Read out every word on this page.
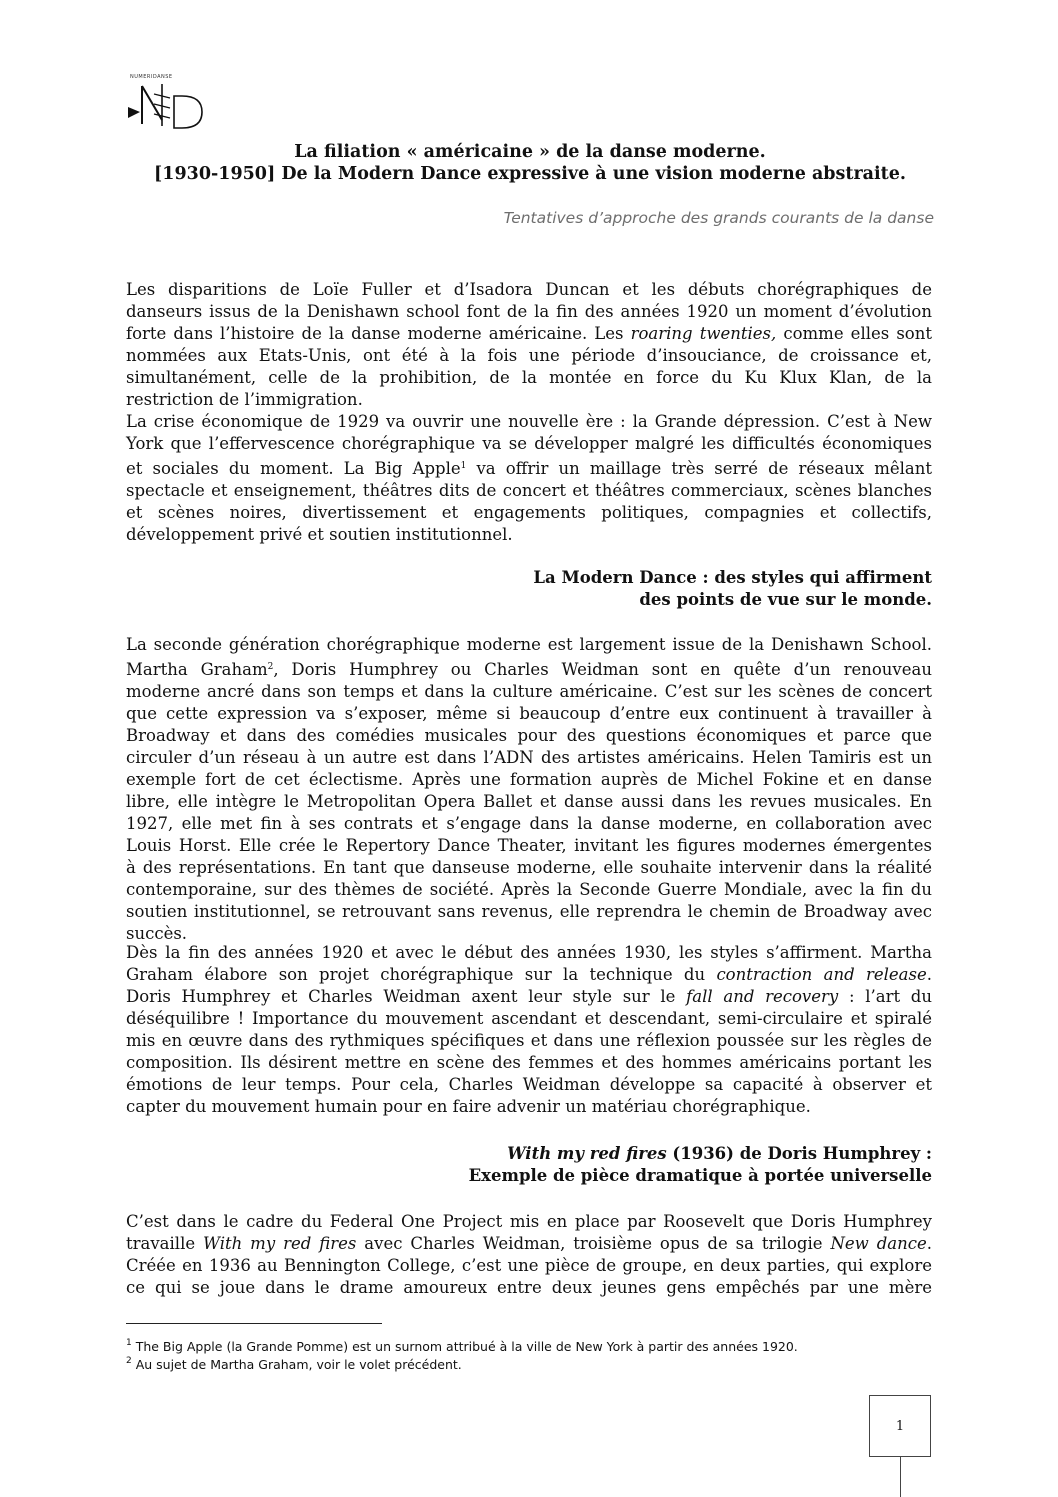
NUMERIDANSE
La filiation « américaine » de la danse moderne.
[1930-1950] De la Modern Dance expressive à une vision moderne abstraite.
Tentatives d’approche des grands courants de la danse
Les disparitions de Loïe Fuller et d’Isadora Duncan et les débuts chorégraphiques de
danseurs issus de la Denishawn school font de la fin des années 1920 un moment d’évolution
forte dans l’histoire de la danse moderne américaine. Les roaring twenties, comme elles sont
nommées aux Etats-Unis, ont été à la fois une période d’insouciance, de croissance et,
simultanément, celle de la prohibition, de la montée en force du Ku Klux Klan, de la
restriction de l’immigration.
La crise économique de 1929 va ouvrir une nouvelle ère : la Grande dépression. C’est à New
York que l’effervescence chorégraphique va se développer malgré les difficultés économiques
et sociales du moment. La Big Apple$^1$ va offrir un maillage très serré de réseaux mêlant
spectacle et enseignement, théâtres dits de concert et théâtres commerciaux, scènes blanches
et scènes noires, divertissement et engagements politiques, compagnies et collectifs,
développement privé et soutien institutionnel.
La Modern Dance : des styles qui affirment
des points de vue sur le monde.
La seconde génération chorégraphique moderne est largement issue de la Denishawn School.
Martha Graham$^2$, Doris Humphrey ou Charles Weidman sont en quête d’un renouveau
moderne ancré dans son temps et dans la culture américaine. C’est sur les scènes de concert
que cette expression va s’exposer, même si beaucoup d’entre eux continuent à travailler à
Broadway et dans des comédies musicales pour des questions économiques et parce que
circuler d’un réseau à un autre est dans l’ADN des artistes américains. Helen Tamiris est un
exemple fort de cet éclectisme. Après une formation auprès de Michel Fokine et en danse
libre, elle intègre le Metropolitan Opera Ballet et danse aussi dans les revues musicales. En
1927, elle met fin à ses contrats et s’engage dans la danse moderne, en collaboration avec
Louis Horst. Elle crée le Repertory Dance Theater, invitant les figures modernes émergentes
à des représentations. En tant que danseuse moderne, elle souhaite intervenir dans la réalité
contemporaine, sur des thèmes de société. Après la Seconde Guerre Mondiale, avec la fin du
soutien institutionnel, se retrouvant sans revenus, elle reprendra le chemin de Broadway avec
succès.
Dès la fin des années 1920 et avec le début des années 1930, les styles s’affirment. Martha
Graham élabore son projet chorégraphique sur la technique du contraction and release.
Doris Humphrey et Charles Weidman axent leur style sur le fall and recovery : l’art du
déséquilibre ! Importance du mouvement ascendant et descendant, semi-circulaire et spiralé
mis en œuvre dans des rythmiques spécifiques et dans une réflexion poussée sur les règles de
composition. Ils désirent mettre en scène des femmes et des hommes américains portant les
émotions de leur temps. Pour cela, Charles Weidman développe sa capacité à observer et
capter du mouvement humain pour en faire advenir un matériau chorégraphique.
With my red fires (1936) de Doris Humphrey :
Exemple de pièce dramatique à portée universelle
C’est dans le cadre du Federal One Project mis en place par Roosevelt que Doris Humphrey
travaille With my red fires avec Charles Weidman, troisième opus de sa trilogie New dance.
Créée en 1936 au Bennington College, c’est une pièce de groupe, en deux parties, qui explore
ce qui se joue dans le drame amoureux entre deux jeunes gens empêchés par une mère
$^1$ The Big Apple (la Grande Pomme) est un surnom attribué à la ville de New York à partir des années 1920.
$^2$ Au sujet de Martha Graham, voir le volet précédent.
1
